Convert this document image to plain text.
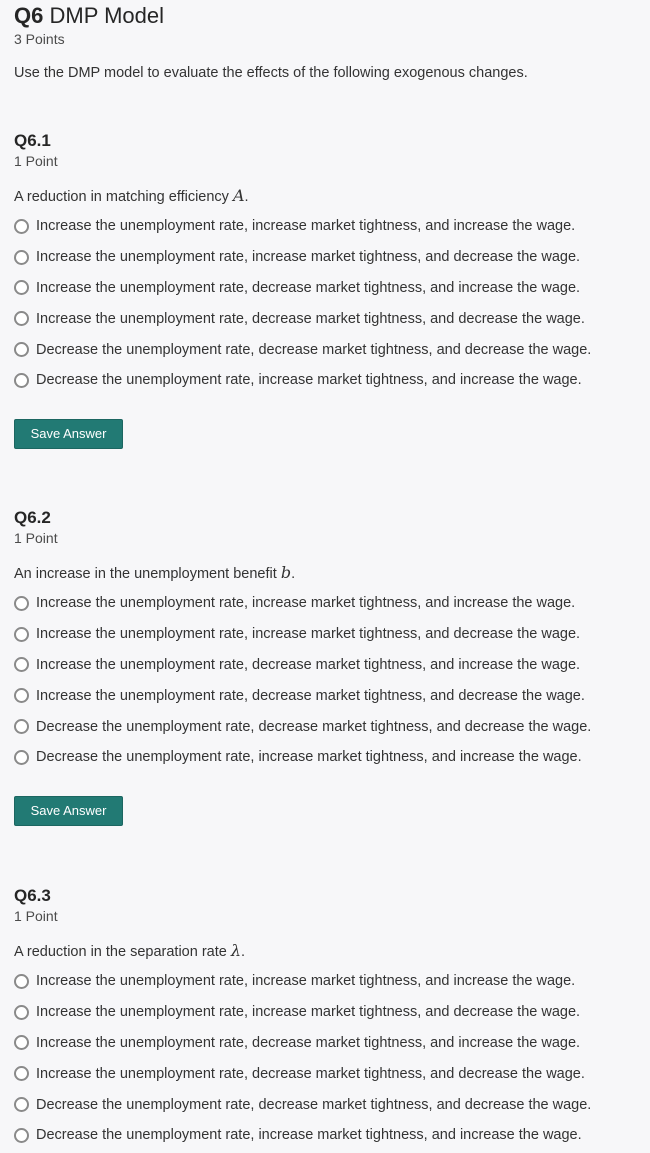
Q6 DMP Model
3 Points
Use the DMP model to evaluate the effects of the following exogenous changes.
Q6.1
1 Point
A reduction in matching efficiency A.
Increase the unemployment rate, increase market tightness, and increase the wage.
Increase the unemployment rate, increase market tightness, and decrease the wage.
Increase the unemployment rate, decrease market tightness, and increase the wage.
Increase the unemployment rate, decrease market tightness, and decrease the wage.
Decrease the unemployment rate, decrease market tightness, and decrease the wage.
Decrease the unemployment rate, increase market tightness, and increase the wage.
Save Answer
Q6.2
1 Point
An increase in the unemployment benefit b.
Increase the unemployment rate, increase market tightness, and increase the wage.
Increase the unemployment rate, increase market tightness, and decrease the wage.
Increase the unemployment rate, decrease market tightness, and increase the wage.
Increase the unemployment rate, decrease market tightness, and decrease the wage.
Decrease the unemployment rate, decrease market tightness, and decrease the wage.
Decrease the unemployment rate, increase market tightness, and increase the wage.
Save Answer
Q6.3
1 Point
A reduction in the separation rate λ.
Increase the unemployment rate, increase market tightness, and increase the wage.
Increase the unemployment rate, increase market tightness, and decrease the wage.
Increase the unemployment rate, decrease market tightness, and increase the wage.
Increase the unemployment rate, decrease market tightness, and decrease the wage.
Decrease the unemployment rate, decrease market tightness, and decrease the wage.
Decrease the unemployment rate, increase market tightness, and increase the wage.
